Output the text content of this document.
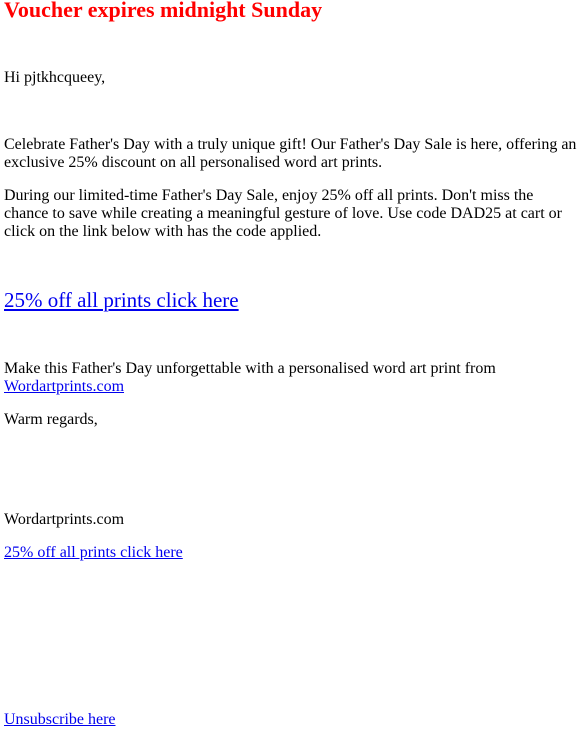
Voucher expires midnight Sunday

Hi pjtkhcqueey,

Celebrate Father's Day with a truly unique gift! Our Father's Day Sale is here, offering an exclusive 25% discount on all personalised word art prints.

During our limited-time Father's Day Sale, enjoy 25% off all prints. Don't miss the chance to save while creating a meaningful gesture of love. Use code DAD25 at cart or click on the link below with has the code applied.

25% off all prints click here

Make this Father's Day unforgettable with a personalised word art print from

Wordartprints.com

Warm regards,

Wordartprints.com

25% off all prints click here

Unsubscribe here
